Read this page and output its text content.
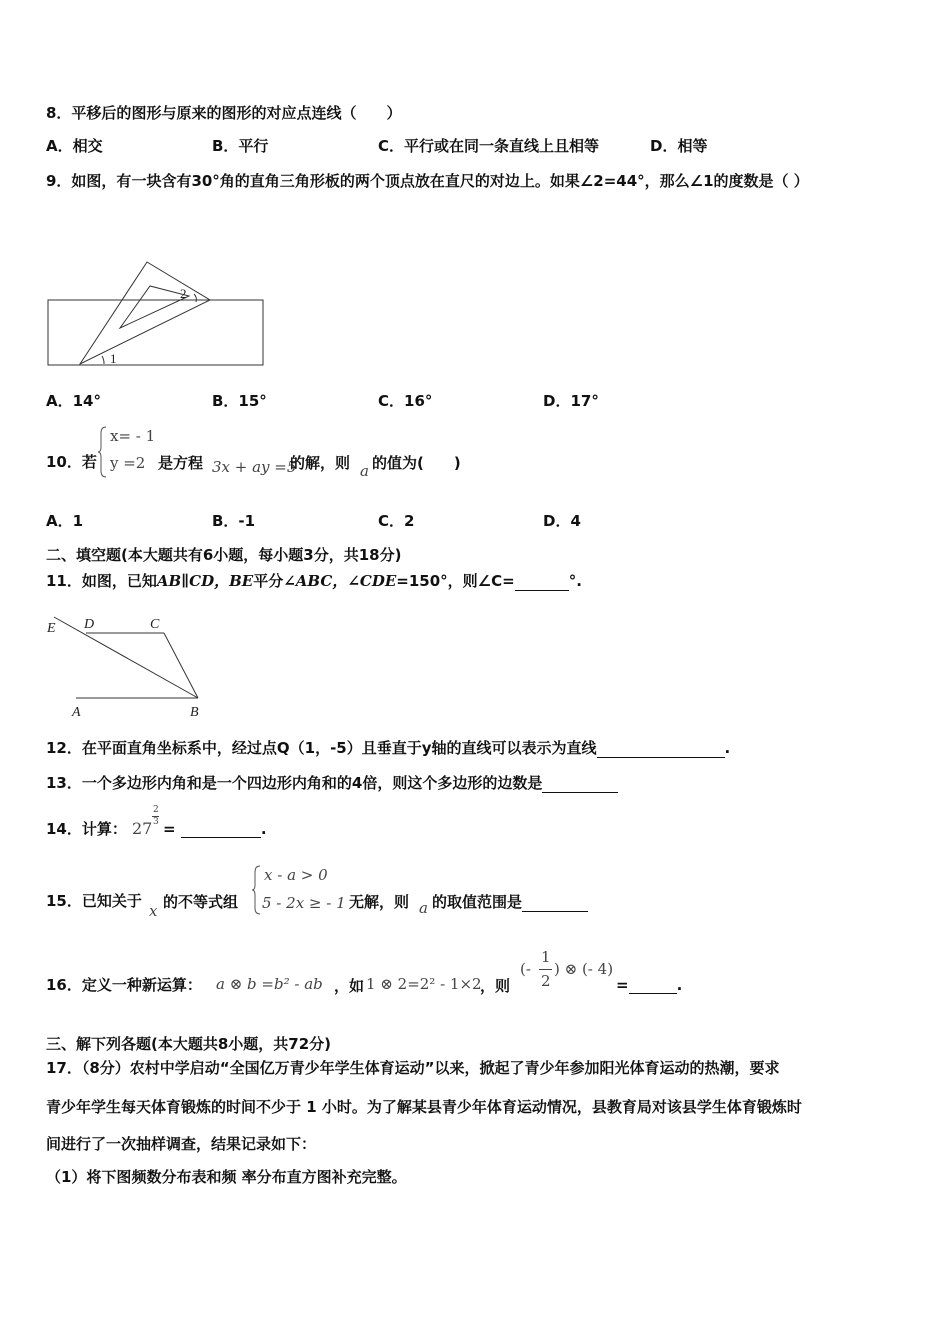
8．平移后的图形与原来的图形的对应点连线（　　）
A．相交	B．平行	C．平行或在同一条直线上且相等	D．相等
9．如图，有一块含有30°角的直角三角形板的两个顶点放在直尺的对边上。如果∠2=44°，那么∠1的度数是（ ）
2
1
A．14°	B．15°	C．16°	D．17°
10．若
x= - 1
y =2 是方程 3x + ay =5
的解，则 a 的值为(　　)
A．1	B．-1	C．2	D．4
二、填空题(本大题共有6小题，每小题3分，共18分)
11．如图，已知AB∥CD，BE平分∠ABC，∠CDE=150°，则∠C=	°.
E D	C
A	B
12．在平面直角坐标系中，经过点Q（1，-5）且垂直于y轴的直线可以表示为直线	.
13．一个多边形内角和是一个四边形内角和的4倍，则这个多边形的边数是
14．计算： 27
2
3 =	.
15．已知关于
x 的不等式组
x - a > 0
5 - 2x ≥ - 1 无解，则 a 的取值范围是
16．定义一种新运算： a ⊗ b =b² - ab ，如 1 ⊗ 2=2² - 1×2
，则
(-
1
2
) ⊗ (- 4)
=	.
三、解下列各题(本大题共8小题，共72分)
17．（8分）农村中学启动“全国亿万青少年学生体育运动”以来，掀起了青少年参加阳光体育运动的热潮，要求
青少年学生每天体育锻炼的时间不少于 1 小时。为了解某县青少年体育运动情况，县教育局对该县学生体育锻炼时
间进行了一次抽样调查，结果记录如下：
（1）将下图频数分布表和频 率分布直方图补充完整。
